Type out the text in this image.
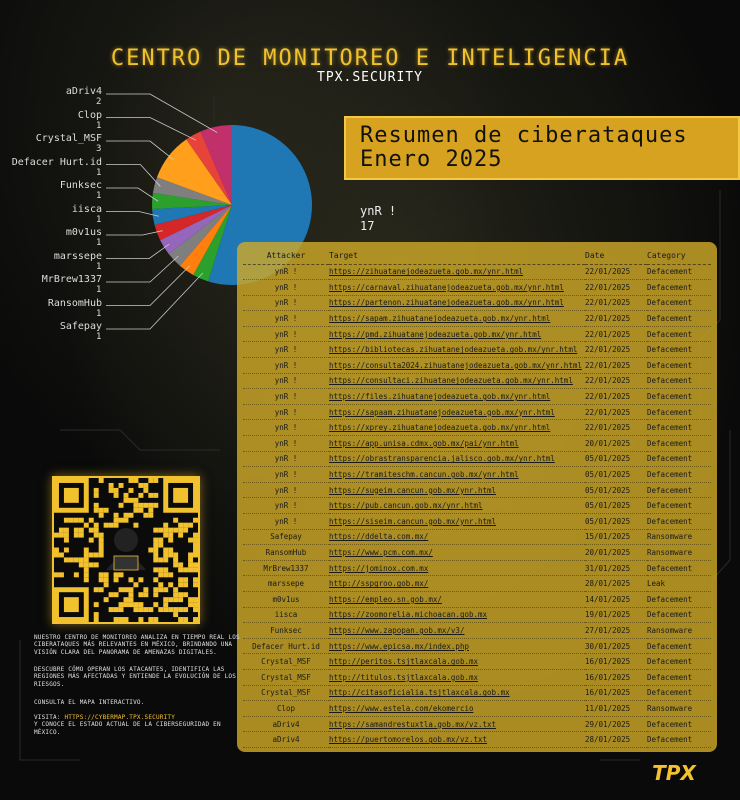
CENTRO DE MONITOREO E INTELIGENCIA
TPX.SECURITY
Resumen de ciberataques
Enero 2025
aDriv4
2
Clop
1
Crystal_MSF
3
Defacer Hurt.id
1
Funksec
1
iisca
1
m0v1us
1
marssepe
1
MrBrew1337
1
RansomHub
1
Safepay
1
ynR !
17
Attacker	Target	Date	Category
ynR !	https://zihuatanejodeazueta.gob.mx/ynr.html	22/01/2025	Defacement
ynR !	https://carnaval.zihuatanejodeazueta.gob.mx/ynr.html	22/01/2025	Defacement
ynR !	https://partenon.zihuatanejodeazueta.gob.mx/ynr.html	22/01/2025	Defacement
ynR !	https://sapam.zihuatanejodeazueta.gob.mx/ynr.html	22/01/2025	Defacement
ynR !	https://pmd.zihuatanejodeazueta.gob.mx/ynr.html	22/01/2025	Defacement
ynR !	https://bibliotecas.zihuatanejodeazueta.gob.mx/ynr.html	22/01/2025	Defacement
ynR !	https://consulta2024.zihuatanejodeazueta.gob.mx/ynr.html	22/01/2025	Defacement
ynR !	https://consultaci.zihuatanejodeazueta.gob.mx/ynr.html	22/01/2025	Defacement
ynR !	https://files.zihuatanejodeazueta.gob.mx/ynr.html	22/01/2025	Defacement
ynR !	https://sapaam.zihuatanejodeazueta.gob.mx/ynr.html	22/01/2025	Defacement
ynR !	https://xprey.zihuatanejodeazueta.gob.mx/ynr.html	22/01/2025	Defacement
ynR !	https://app.unisa.cdmx.gob.mx/pai/ynr.html	20/01/2025	Defacement
ynR !	https://obrastransparencia.jalisco.gob.mx/ynr.html	05/01/2025	Defacement
ynR !	https://tramiteschm.cancun.gob.mx/ynr.html	05/01/2025	Defacement
ynR !	https://sugeim.cancun.gob.mx/ynr.html	05/01/2025	Defacement
ynR !	https://pub.cancun.gob.mx/ynr.html	05/01/2025	Defacement
ynR !	https://siseim.cancun.gob.mx/ynr.html	05/01/2025	Defacement
Safepay	https://ddelta.com.mx/	15/01/2025	Ransomware
RansomHub	https://www.pcm.com.mx/	20/01/2025	Ransomware
MrBrew1337	https://jominox.com.mx	31/01/2025	Defacement
marssepe	http://sspgroo.gob.mx/	28/01/2025	Leak
m0v1us	https://empleo.sn.gob.mx/	14/01/2025	Defacement
iisca	https://zoomorelia.michoacan.gob.mx	19/01/2025	Defacement
Funksec	https://www.zapopan.gob.mx/v3/	27/01/2025	Ransomware
Defacer Hurt.id	https://www.epicsa.mx/index.php	30/01/2025	Defacement
Crystal_MSF	http://peritos.tsjtlaxcala.gob.mx	16/01/2025	Defacement
Crystal_MSF	http://titulos.tsjtlaxcala.gob.mx	16/01/2025	Defacement
Crystal_MSF	http://citasoficialia.tsjtlaxcala.gob.mx	16/01/2025	Defacement
Clop	https://www.estela.com/ekomercio	11/01/2025	Ransomware
aDriv4	https://samandrestuxtla.gob.mx/vz.txt	29/01/2025	Defacement
aDriv4	https://puertomorelos.gob.mx/vz.txt	28/01/2025	Defacement
NUESTRO CENTRO DE MONITOREO ANALIZA EN TIEMPO REAL LOS CIBERATAQUES MÁS RELEVANTES EN MÉXICO, BRINDANDO UNA VISIÓN CLARA DEL PANORAMA DE AMENAZAS DIGITALES.
DESCUBRE CÓMO OPERAN LOS ATACANTES, IDENTIFICA LAS REGIONES MÁS AFECTADAS Y ENTIENDE LA EVOLUCIÓN DE LOS RIESGOS.
CONSULTA EL MAPA INTERACTIVO.
VISITA: HTTPS://CYBERMAP.TPX.SECURITY
Y CONOCE EL ESTADO ACTUAL DE LA CIBERSEGURIDAD EN MÉXICO.
TPX
